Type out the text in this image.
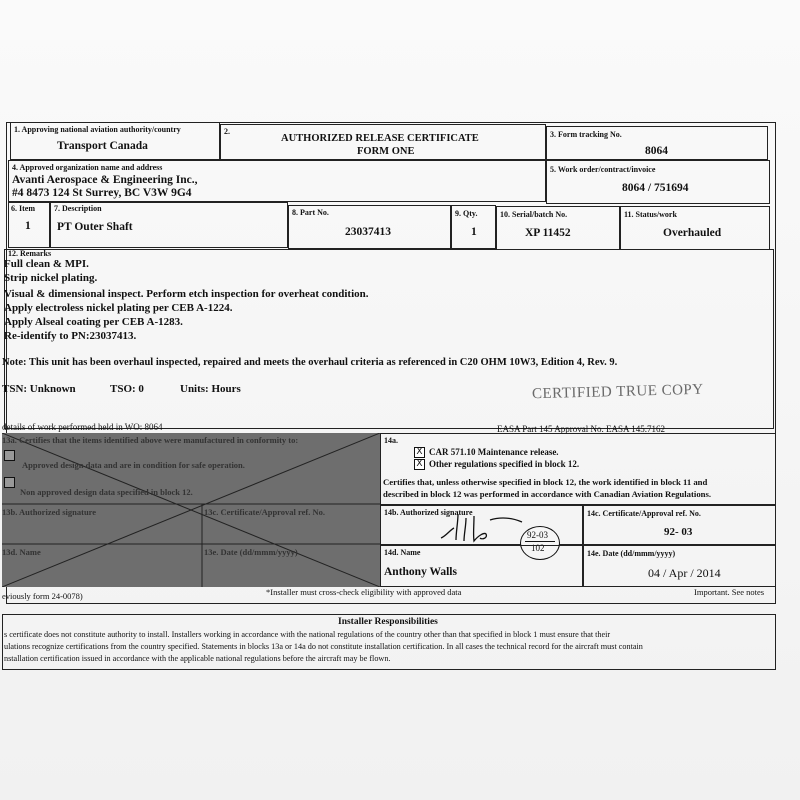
1. Approving national aviation authority/country
Transport Canada
2.
AUTHORIZED RELEASE CERTIFICATE
FORM ONE
3. Form tracking No.
8064
4. Approved organization name and address
Avanti Aerospace & Engineering Inc.,
#4 8473 124 St Surrey, BC V3W 9G4
5. Work order/contract/invoice
8064 / 751694
6. Item
1
7. Description
PT Outer Shaft
8. Part No.
23037413
9. Qty.
1
10. Serial/batch No.
XP 11452
11. Status/work
Overhauled
12. Remarks
Full clean & MPI.
Strip nickel plating.
Visual & dimensional inspect. Perform etch inspection for overheat condition.
Apply electroless nickel plating per CEB A-1224.
Apply Alseal coating per CEB A-1283.
Re-identify to PN:23037413.
Note: This unit has been overhaul inspected, repaired and meets the overhaul criteria as referenced in C20 OHM 10W3, Edition 4, Rev. 9.
TSN: Unknown	TSO: 0	Units: Hours	CERTIFIED TRUE COPY
details of work performed held in WO: 8064	EASA Part 145 Approval No. EASA 145.7162
13a. Certifies that the items identified above were manufactured in conformity to:
Approved design data and are in condition for safe operation.
Non approved design data specified in block 12.
13b. Authorized signature	13c. Certificate/Approval ref. No.
13d. Name	13e. Date (dd/mmm/yyyy)
14a.
X CAR 571.10 Maintenance release.
X Other regulations specified in block 12.
Certifies that, unless otherwise specified in block 12, the work identified in block 11 and
described in block 12 was performed in accordance with Canadian Aviation Regulations.
14b. Authorized signature
92-03
102
14c. Certificate/Approval ref. No.
92- 03
14d. Name
Anthony Walls
14e. Date (dd/mmm/yyyy)
04 / Apr / 2014
eviously form 24-0078)	*Installer must cross-check eligibility with approved data	Important. See notes
Installer Responsibilities
s certificate does not constitute authority to install. Installers working in accordance with the national regulations of the country other than that specified in block 1 must ensure that their
ulations recognize certifications from the country specified. Statements in blocks 13a or 14a do not constitute installation certification. In all cases the technical record for the aircraft must contain
nstallation certification issued in accordance with the applicable national regulations before the aircraft may be flown.
